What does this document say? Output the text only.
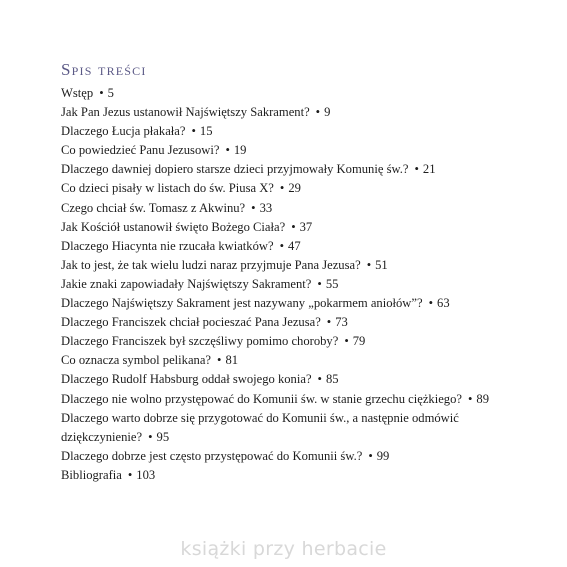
Spis treści
Wstęp • 5
Jak Pan Jezus ustanowił Najświętszy Sakrament? • 9
Dlaczego Łucja płakała? • 15
Co powiedzieć Panu Jezusowi? • 19
Dlaczego dawniej dopiero starsze dzieci przyjmowały Komunię św.? • 21
Co dzieci pisały w listach do św. Piusa X? • 29
Czego chciał św. Tomasz z Akwinu? • 33
Jak Kościół ustanowił święto Bożego Ciała? • 37
Dlaczego Hiacynta nie rzucała kwiatków? • 47
Jak to jest, że tak wielu ludzi naraz przyjmuje Pana Jezusa? • 51
Jakie znaki zapowiadały Najświętszy Sakrament? • 55
Dlaczego Najświętszy Sakrament jest nazywany „pokarmem aniołów”? • 63
Dlaczego Franciszek chciał pocieszać Pana Jezusa? • 73
Dlaczego Franciszek był szczęśliwy pomimo choroby? • 79
Co oznacza symbol pelikana? • 81
Dlaczego Rudolf Habsburg oddał swojego konia? • 85
Dlaczego nie wolno przystępować do Komunii św. w stanie grzechu ciężkiego? • 89
Dlaczego warto dobrze się przygotować do Komunii św., a następnie odmówić dziękczynienie? • 95
Dlaczego dobrze jest często przystępować do Komunii św.? • 99
Bibliografia • 103
książki przy herbacie
